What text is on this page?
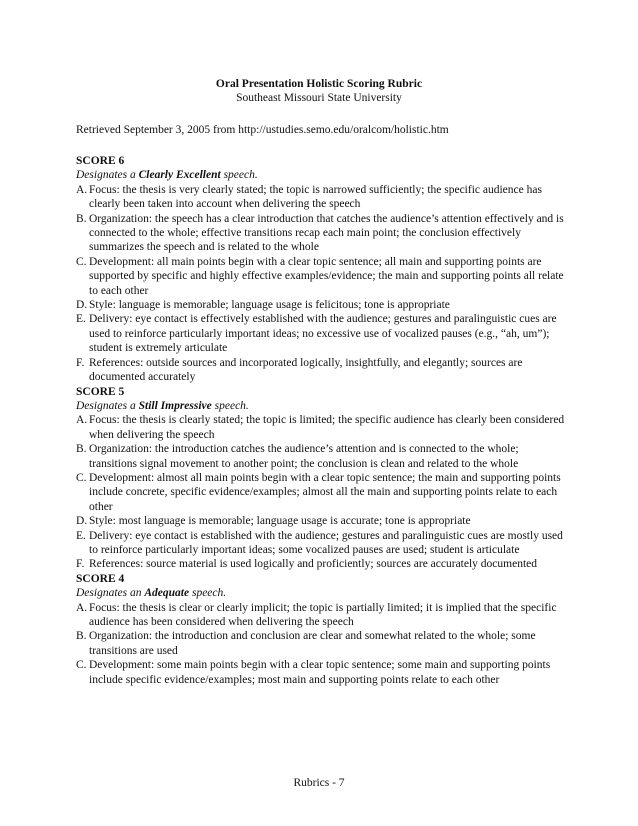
Oral Presentation Holistic Scoring Rubric
Southeast Missouri State University
Retrieved September 3, 2005 from http://ustudies.semo.edu/oralcom/holistic.htm
SCORE 6
Designates a Clearly Excellent speech.
A. Focus: the thesis is very clearly stated; the topic is narrowed sufficiently; the specific audience has clearly been taken into account when delivering the speech
B. Organization: the speech has a clear introduction that catches the audience’s attention effectively and is connected to the whole; effective transitions recap each main point; the conclusion effectively summarizes the speech and is related to the whole
C. Development: all main points begin with a clear topic sentence; all main and supporting points are supported by specific and highly effective examples/evidence; the main and supporting points all relate to each other
D. Style: language is memorable; language usage is felicitous; tone is appropriate
E. Delivery: eye contact is effectively established with the audience; gestures and paralinguistic cues are used to reinforce particularly important ideas; no excessive use of vocalized pauses (e.g., “ah, um”); student is extremely articulate
F. References: outside sources and incorporated logically, insightfully, and elegantly; sources are documented accurately
SCORE 5
Designates a Still Impressive speech.
A. Focus: the thesis is clearly stated; the topic is limited; the specific audience has clearly been considered when delivering the speech
B. Organization: the introduction catches the audience’s attention and is connected to the whole; transitions signal movement to another point; the conclusion is clean and related to the whole
C. Development: almost all main points begin with a clear topic sentence; the main and supporting points include concrete, specific evidence/examples; almost all the main and supporting points relate to each other
D. Style: most language is memorable; language usage is accurate; tone is appropriate
E. Delivery: eye contact is established with the audience; gestures and paralinguistic cues are mostly used to reinforce particularly important ideas; some vocalized pauses are used; student is articulate
F. References: source material is used logically and proficiently; sources are accurately documented
SCORE 4
Designates an Adequate speech.
A. Focus: the thesis is clear or clearly implicit; the topic is partially limited; it is implied that the specific audience has been considered when delivering the speech
B. Organization: the introduction and conclusion are clear and somewhat related to the whole; some transitions are used
C. Development: some main points begin with a clear topic sentence; some main and supporting points include specific evidence/examples; most main and supporting points relate to each other
Rubrics - 7
